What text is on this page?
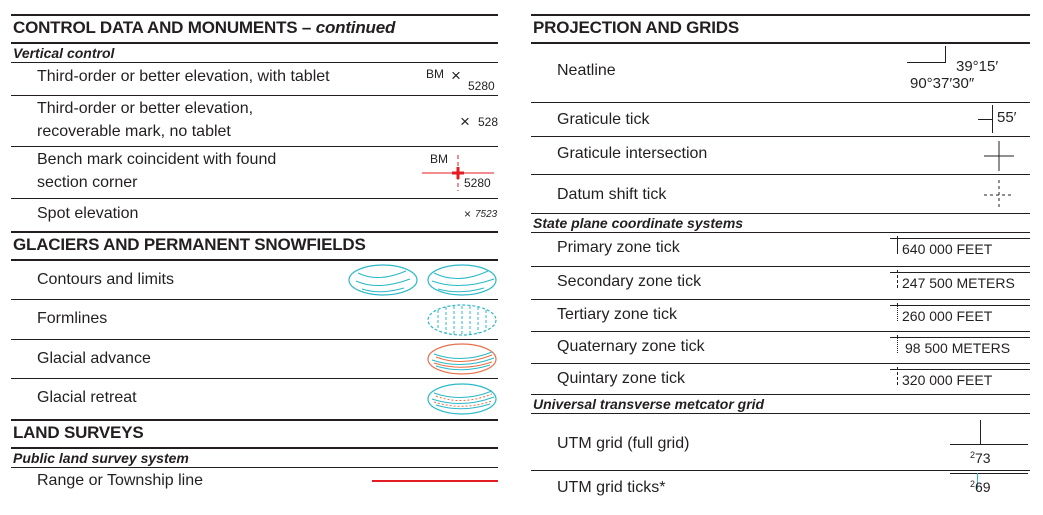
CONTROL DATA AND MONUMENTS – continued
Vertical control
Third-order or better elevation, with tablet	BM ×
5280
Third-order or better elevation,
recoverable mark, no tablet
× 528
Bench mark coincident with found
section corner
BM
5280
Spot elevation	× 7523
GLACIERS AND PERMANENT SNOWFIELDS
Contours and limits
Formlines
Glacial advance
Glacial retreat
LAND SURVEYS
Public land survey system
Range or Township line
PROJECTION AND GRIDS
Neatline	39°15′
90°37′30″
Graticule tick	55′
Graticule intersection
Datum shift tick
State plane coordinate systems
Primary zone tick	640 000 FEET
Secondary zone tick	247 500 METERS
Tertiary zone tick	260 000 FEET
Quaternary zone tick	98 500 METERS
Quintary zone tick	320 000 FEET
Universal transverse metcator grid
UTM grid (full grid)
$^2$73
UTM grid ticks*	$^2$69
